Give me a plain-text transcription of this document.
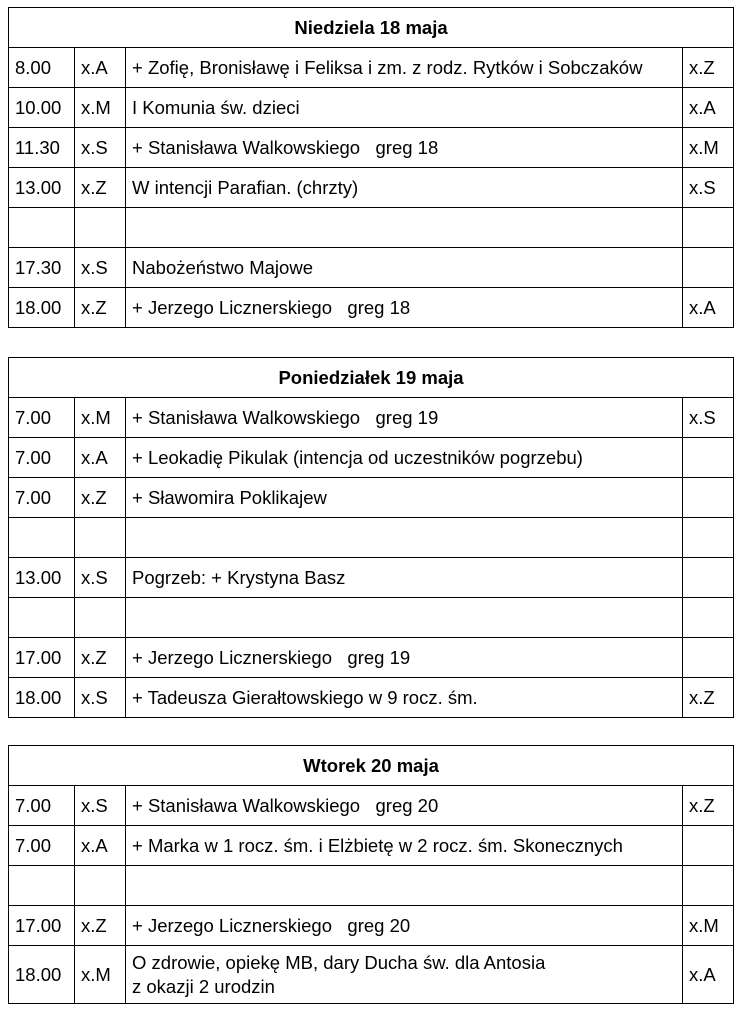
Niedziela 18 maja			
8.00	x.A	+ Zofię, Bronisławę i Feliksa i zm. z rodz. Rytków i Sobczaków	x.Z
10.00	x.M	I Komunia św. dzieci	x.A
11.30	x.S	+ Stanisława Walkowskiego   greg 18	x.M
13.00	x.Z	W intencji Parafian. (chrzty)	x.S

17.30	x.S	Nabożeństwo Majowe	
18.00	x.Z	+ Jerzego Licznerskiego   greg 18	x.A
Poniedziałek 19 maja			
7.00	x.M	+ Stanisława Walkowskiego   greg 19	x.S
7.00	x.A	+ Leokadię Pikulak (intencja od uczestników pogrzebu)	
7.00	x.Z	+ Sławomira Poklikajew	

13.00	x.S	Pogrzeb: + Krystyna Basz	

17.00	x.Z	+ Jerzego Licznerskiego   greg 19	
18.00	x.S	+ Tadeusza Gierałtowskiego w 9 rocz. śm.	x.Z
Wtorek 20 maja			
7.00	x.S	+ Stanisława Walkowskiego   greg 20	x.Z
7.00	x.A	+ Marka w 1 rocz. śm. i Elżbietę w 2 rocz. śm. Skonecznych	

17.00	x.Z	+ Jerzego Licznerskiego   greg 20	x.M
18.00	x.M	O zdrowie, opiekę MB, dary Ducha św. dla Antosia
z okazji 2 urodzin	x.A
